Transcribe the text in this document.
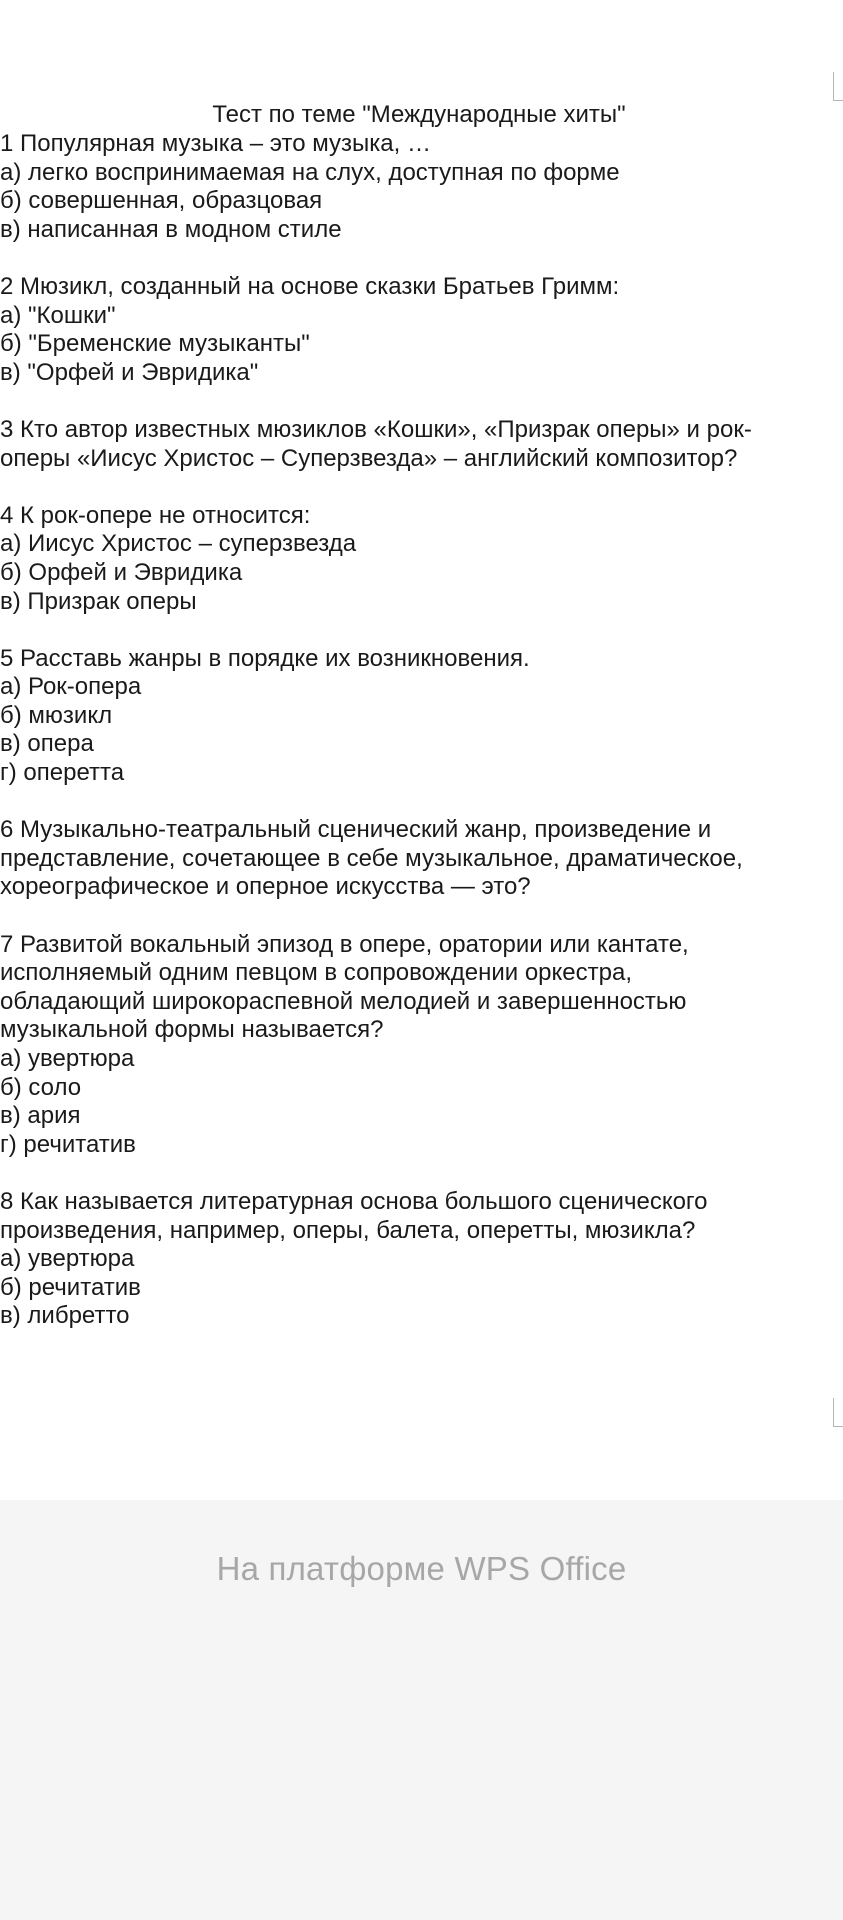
Тест по теме "Международные хиты"

1 Популярная музыка – это музыка, …

а) легко воспринимаемая на слух, доступная по форме

б) совершенная, образцовая

в) написанная в модном стиле

2 Мюзикл, созданный на основе сказки Братьев Гримм:

а) "Кошки"

б) "Бременские музыканты"

в) "Орфей и Эвридика"

3 Кто автор известных мюзиклов «Кошки», «Призрак оперы» и рок-

оперы «Иисус Христос – Суперзвезда» – английский композитор?

4 К рок-опере не относится:

а) Иисус Христос – суперзвезда

б) Орфей и Эвридика

в) Призрак оперы

5 Расставь жанры в порядке их возникновения.

а) Рок-опера

б) мюзикл

в) опера

г) оперетта

6 Музыкально-театральный сценический жанр, произведение и

представление, сочетающее в себе музыкальное, драматическое,

хореографическое и оперное искусства — это?

7 Развитой вокальный эпизод в опере, оратории или кантате,

исполняемый одним певцом в сопровождении оркестра,

обладающий широкораспевной мелодией и завершенностью

музыкальной формы называется?

а) увертюра

б) соло

в) ария

г) речитатив

8 Как называется литературная основа большого сценического

произведения, например, оперы, балета, оперетты, мюзикла?

а) увертюра

б) речитатив

в) либретто

На платформе WPS Office
